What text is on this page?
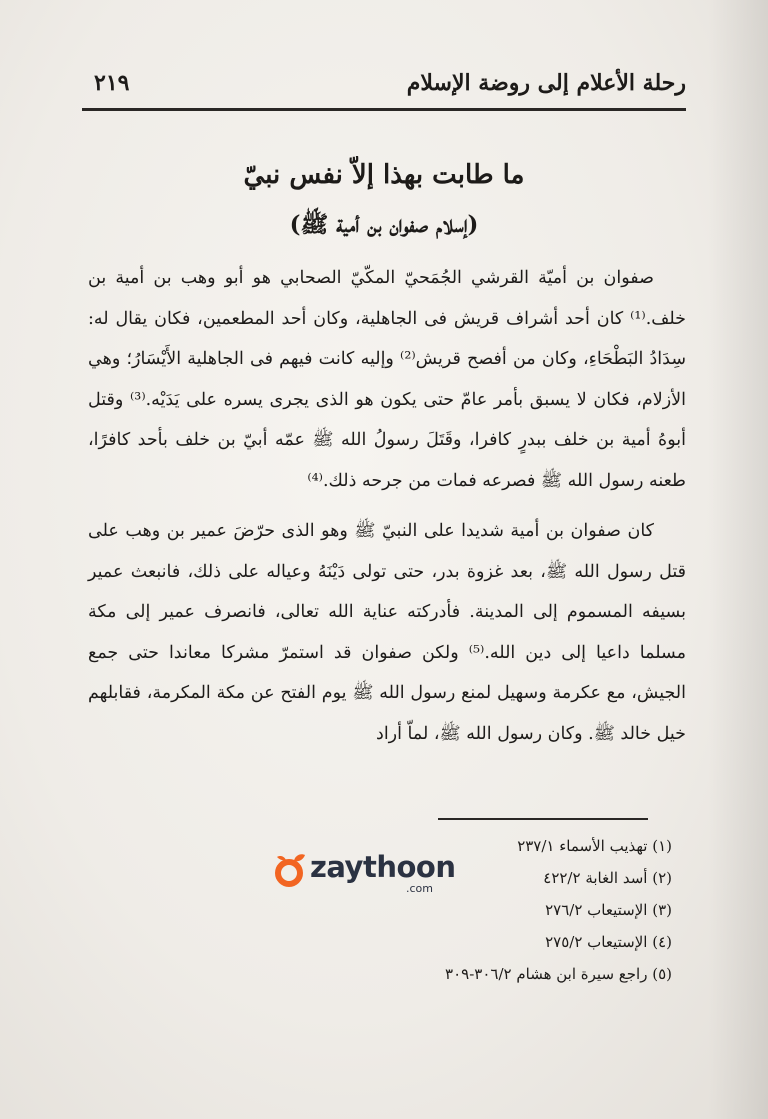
رحلة الأعلام إلى روضة الإسلام
٢١٩
ما طابت بهذا إلاّ نفس نبيّ
(إسلام صفوان بن أمية ﷺ)

صفوان بن أميّة القرشي الجُمَحيّ المكّيّ الصحابي هو أبو وهب بن أمية بن خلف.⁽¹⁾ كان أحد أشراف قريش فى الجاهلية، وكان أحد المطعمين، فكان يقال له: سِدَادُ البَطْحَاءِ، وكان من أفصح قريش⁽²⁾ وإليه كانت فيهم فى الجاهلية الأَيْسَارُ؛ وهي الأزلام، فكان لا يسبق بأمر عامّ حتى يكون هو الذى يجرى يسره على يَدَيْه.⁽³⁾ وقتل أبوهُ أمية بن خلف ببدرٍ كافرا، وقَتَلَ رسولُ الله ﷺ عمّه أبيّ بن خلف بأحد كافرًا، طعنه رسول الله ﷺ فصرعه فمات من جرحه ذلك.⁽⁴⁾

كان صفوان بن أمية شديدا على النبيّ ﷺ وهو الذى حرّضَ عمير بن وهب على قتل رسول الله ﷺ، بعد غزوة بدر، حتى تولى دَيْنَهُ وعياله على ذلك، فانبعث عمير بسيفه المسموم إلى المدينة. فأدركته عناية الله تعالى، فانصرف عمير إلى مكة مسلما داعيا إلى دين الله.⁽⁵⁾ ولكن صفوان قد استمرّ مشركا معاندا حتى جمع الجيش، مع عكرمة وسهيل لمنع رسول الله ﷺ يوم الفتح عن مكة المكرمة، فقابلهم خيل خالد ﷺ. وكان رسول الله ﷺ، لماّ أراد

(١) تهذيب الأسماء ٢٣٧/١
(٢) أسد الغابة ٤٢٢/٢
(٣) الإستيعاب ٢٧٦/٢
(٤) الإستيعاب ٢٧٥/٢
(٥) راجع سيرة ابن هشام ٣٠٦/٢-٣٠٩
zaythoon
.com
